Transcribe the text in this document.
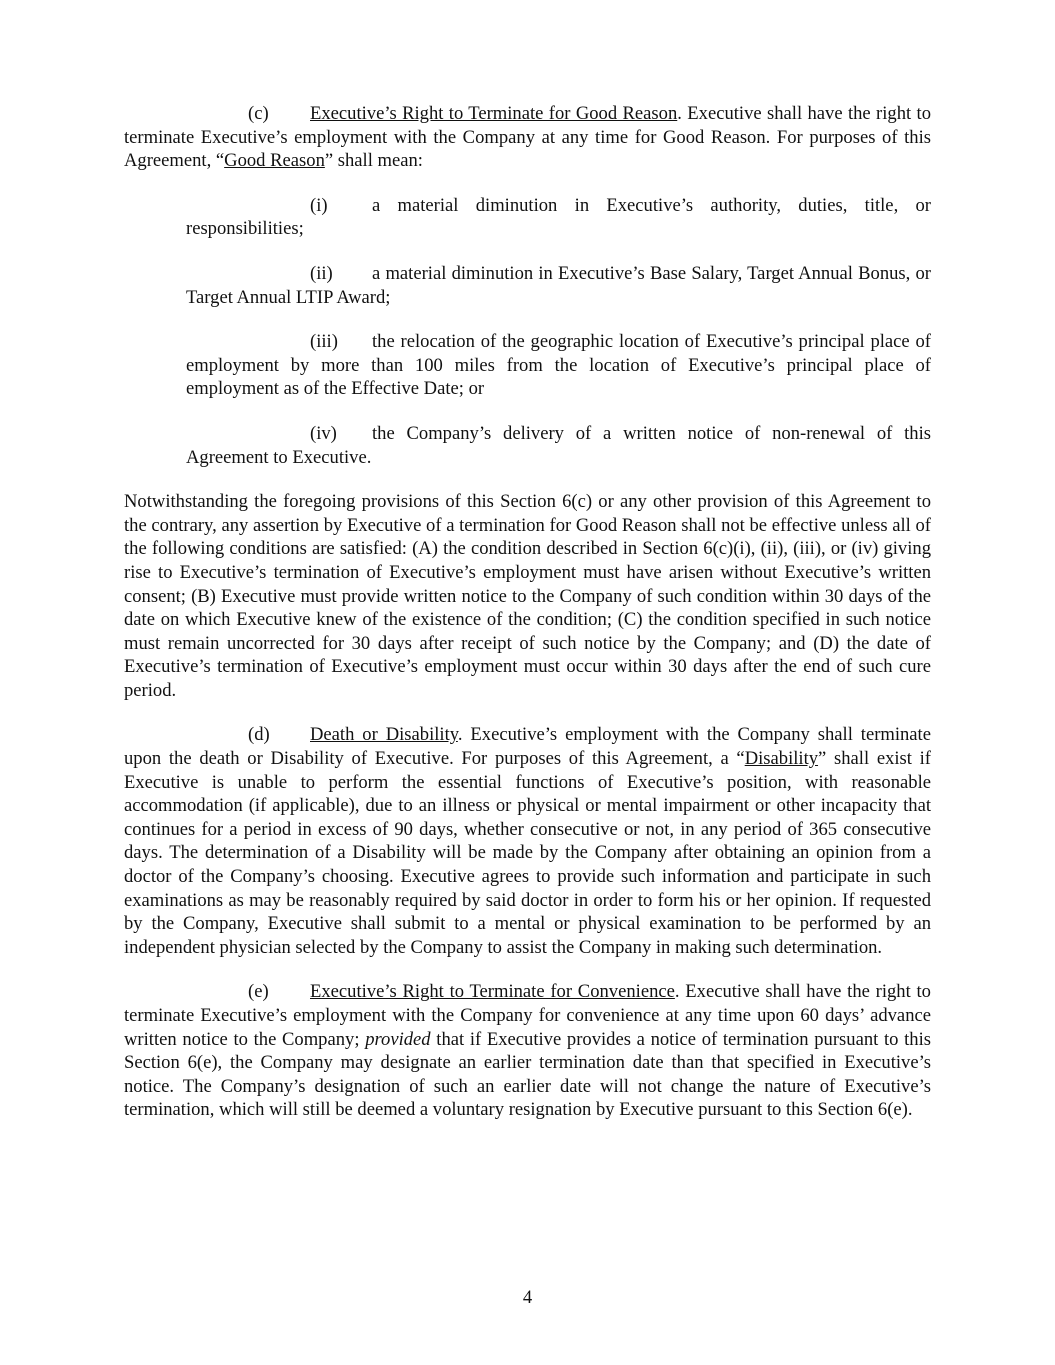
(c) Executive’s Right to Terminate for Good Reason. Executive shall have the right to terminate Executive’s employment with the Company at any time for Good Reason. For purposes of this Agreement, “Good Reason” shall mean:

(i) a material diminution in Executive’s authority, duties, title, or responsibilities;

(ii) a material diminution in Executive’s Base Salary, Target Annual Bonus, or Target Annual LTIP Award;

(iii) the relocation of the geographic location of Executive’s principal place of employment by more than 100 miles from the location of Executive’s principal place of employment as of the Effective Date; or

(iv) the Company’s delivery of a written notice of non-renewal of this Agreement to Executive.

Notwithstanding the foregoing provisions of this Section 6(c) or any other provision of this Agreement to the contrary, any assertion by Executive of a termination for Good Reason shall not be effective unless all of the following conditions are satisfied: (A) the condition described in Section 6(c)(i), (ii), (iii), or (iv) giving rise to Executive’s termination of Executive’s employment must have arisen without Executive’s written consent; (B) Executive must provide written notice to the Company of such condition within 30 days of the date on which Executive knew of the existence of the condition; (C) the condition specified in such notice must remain uncorrected for 30 days after receipt of such notice by the Company; and (D) the date of Executive’s termination of Executive’s employment must occur within 30 days after the end of such cure period.

(d) Death or Disability. Executive’s employment with the Company shall terminate upon the death or Disability of Executive. For purposes of this Agreement, a “Disability” shall exist if Executive is unable to perform the essential functions of Executive’s position, with reasonable accommodation (if applicable), due to an illness or physical or mental impairment or other incapacity that continues for a period in excess of 90 days, whether consecutive or not, in any period of 365 consecutive days. The determination of a Disability will be made by the Company after obtaining an opinion from a doctor of the Company’s choosing. Executive agrees to provide such information and participate in such examinations as may be reasonably required by said doctor in order to form his or her opinion. If requested by the Company, Executive shall submit to a mental or physical examination to be performed by an independent physician selected by the Company to assist the Company in making such determination.

(e) Executive’s Right to Terminate for Convenience. Executive shall have the right to terminate Executive’s employment with the Company for convenience at any time upon 60 days’ advance written notice to the Company; provided that if Executive provides a notice of termination pursuant to this Section 6(e), the Company may designate an earlier termination date than that specified in Executive’s notice. The Company’s designation of such an earlier date will not change the nature of Executive’s termination, which will still be deemed a voluntary resignation by Executive pursuant to this Section 6(e).

4
